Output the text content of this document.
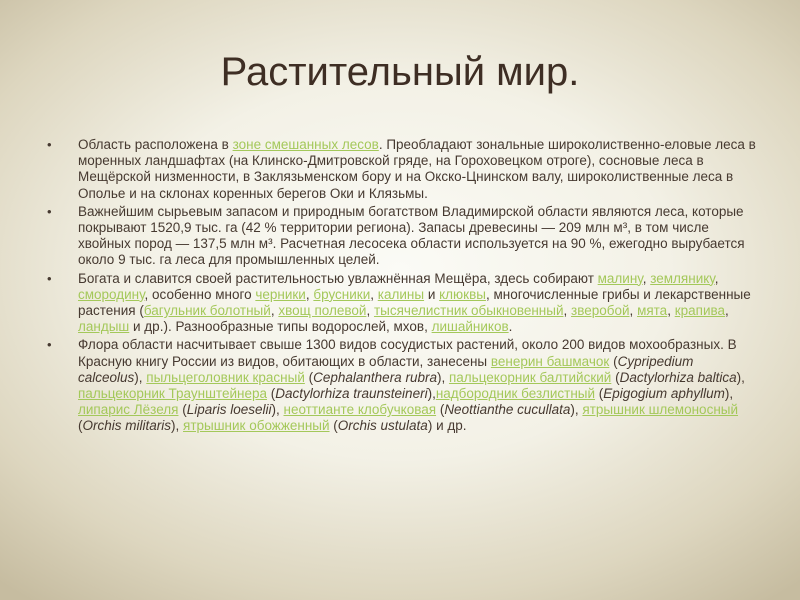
Растительный мир.
• Область расположена в зоне смешанных лесов. Преобладают зональные широколиственно-еловые леса в моренных ландшафтах (на Клинско-Дмитровской гряде, на Гороховецком отроге), сосновые леса в Мещёрской низменности, в Заклязьменском бору и на Окско-Цнинском валу, широколиственные леса в Ополье и на склонах коренных берегов Оки и Клязьмы.
• Важнейшим сырьевым запасом и природным богатством Владимирской области являются леса, которые покрывают 1520,9 тыс. га (42 % территории региона). Запасы древесины — 209 млн м³, в том числе хвойных пород — 137,5 млн м³. Расчетная лесосека области используется на 90 %, ежегодно вырубается около 9 тыс. га леса для промышленных целей.
• Богата и славится своей растительностью увлажнённая Мещёра, здесь собирают малину, землянику, смородину, особенно много черники, брусники, калины и клюквы, многочисленные грибы и лекарственные растения (багульник болотный, хвощ полевой, тысячелистник обыкновенный, зверобой, мята, крапива, ландыш и др.). Разнообразные типы водорослей, мхов, лишайников.
• Флора области насчитывает свыше 1300 видов сосудистых растений, около 200 видов мохообразных. В Красную книгу России из видов, обитающих в области, занесены венерин башмачок (Cypripedium calceolus), пыльцеголовник красный (Cephalanthera rubra), пальцекорник балтийский (Dactylorhiza baltica), пальцекорник Траунштейнера (Dactylorhiza traunsteineri),надбородник безлистный (Epigogium aphyllum), липарис Лёзеля (Liparis loeselii), неоттианте клобучковая (Neottianthe cucullata), ятрышник шлемоносный (Orchis militaris), ятрышник обожженный (Orchis ustulata) и др.
